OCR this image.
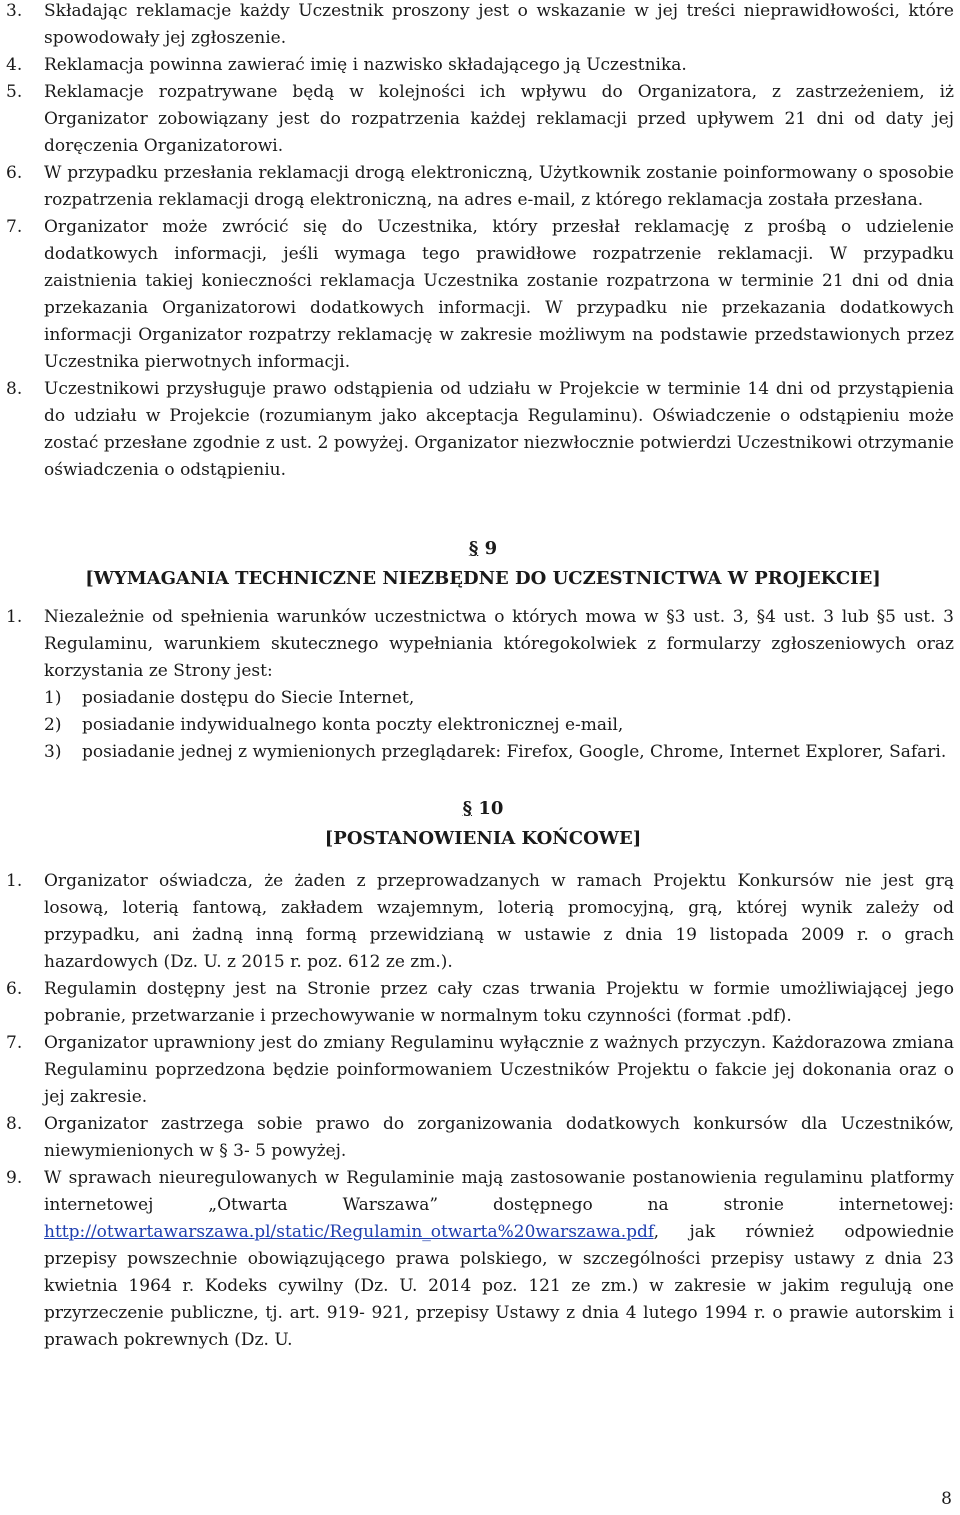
3. Składając reklamacje każdy Uczestnik proszony jest o wskazanie w jej treści nieprawidłowości, które spowodowały jej zgłoszenie.
4. Reklamacja powinna zawierać imię i nazwisko składającego ją Uczestnika.
5. Reklamacje rozpatrywane będą w kolejności ich wpływu do Organizatora, z zastrzeżeniem, iż Organizator zobowiązany jest do rozpatrzenia każdej reklamacji przed upływem 21 dni od daty jej doręczenia Organizatorowi.
6. W przypadku przesłania reklamacji drogą elektroniczną, Użytkownik zostanie poinformowany o sposobie rozpatrzenia reklamacji drogą elektroniczną, na adres e-mail, z którego reklamacja została przesłana.
7. Organizator może zwrócić się do Uczestnika, który przesłał reklamację z prośbą o udzielenie dodatkowych informacji, jeśli wymaga tego prawidłowe rozpatrzenie reklamacji. W przypadku zaistnienia takiej konieczności reklamacja Uczestnika zostanie rozpatrzona w terminie 21 dni od dnia przekazania Organizatorowi dodatkowych informacji. W przypadku nie przekazania dodatkowych informacji Organizator rozpatrzy reklamację w zakresie możliwym na podstawie przedstawionych przez Uczestnika pierwotnych informacji.
8. Uczestnikowi przysługuje prawo odstąpienia od udziału w Projekcie w terminie 14 dni od przystąpienia do udziału w Projekcie (rozumianym jako akceptacja Regulaminu). Oświadczenie o odstąpieniu może zostać przesłane zgodnie z ust. 2 powyżej. Organizator niezwłocznie potwierdzi Uczestnikowi otrzymanie oświadczenia o odstąpieniu.
§ 9
[WYMAGANIA TECHNICZNE NIEZBĘDNE DO UCZESTNICTWA W PROJEKCIE]
1. Niezależnie od spełnienia warunków uczestnictwa o których mowa w §3 ust. 3, §4 ust. 3 lub §5 ust. 3 Regulaminu, warunkiem skutecznego wypełniania któregokolwiek z formularzy zgłoszeniowych oraz korzystania ze Strony jest:
1) posiadanie dostępu do Siecie Internet,
2) posiadanie indywidualnego konta poczty elektronicznej e-mail,
3) posiadanie jednej z wymienionych przeglądarek: Firefox, Google, Chrome, Internet Explorer, Safari.
§ 10
[POSTANOWIENIA KOŃCOWE]
1. Organizator oświadcza, że żaden z przeprowadzanych w ramach Projektu Konkursów nie jest grą losową, loterią fantową, zakładem wzajemnym, loterią promocyjną, grą, której wynik zależy od przypadku, ani żadną inną formą przewidzianą w ustawie z dnia 19 listopada 2009 r. o grach hazardowych (Dz. U. z 2015 r. poz. 612 ze zm.).
6. Regulamin dostępny jest na Stronie przez cały czas trwania Projektu w formie umożliwiającej jego pobranie, przetwarzanie i przechowywanie w normalnym toku czynności (format .pdf).
7. Organizator uprawniony jest do zmiany Regulaminu wyłącznie z ważnych przyczyn. Każdorazowa zmiana Regulaminu poprzedzona będzie poinformowaniem Uczestników Projektu o fakcie jej dokonania oraz o jej zakresie.
8. Organizator zastrzega sobie prawo do zorganizowania dodatkowych konkursów dla Uczestników, niewymienionych w § 3- 5 powyżej.
9. W sprawach nieuregulowanych w Regulaminie mają zastosowanie postanowienia regulaminu platformy internetowej „Otwarta Warszawa” dostępnego na stronie internetowej: http://otwartawarszawa.pl/static/Regulamin_otwarta%20warszawa.pdf, jak również odpowiednie przepisy powszechnie obowiązującego prawa polskiego, w szczególności przepisy ustawy z dnia 23 kwietnia 1964 r. Kodeks cywilny (Dz. U. 2014 poz. 121 ze zm.) w zakresie w jakim regulują one przyrzeczenie publiczne, tj. art. 919- 921, przepisy Ustawy z dnia 4 lutego 1994 r. o prawie autorskim i prawach pokrewnych (Dz. U.
8
